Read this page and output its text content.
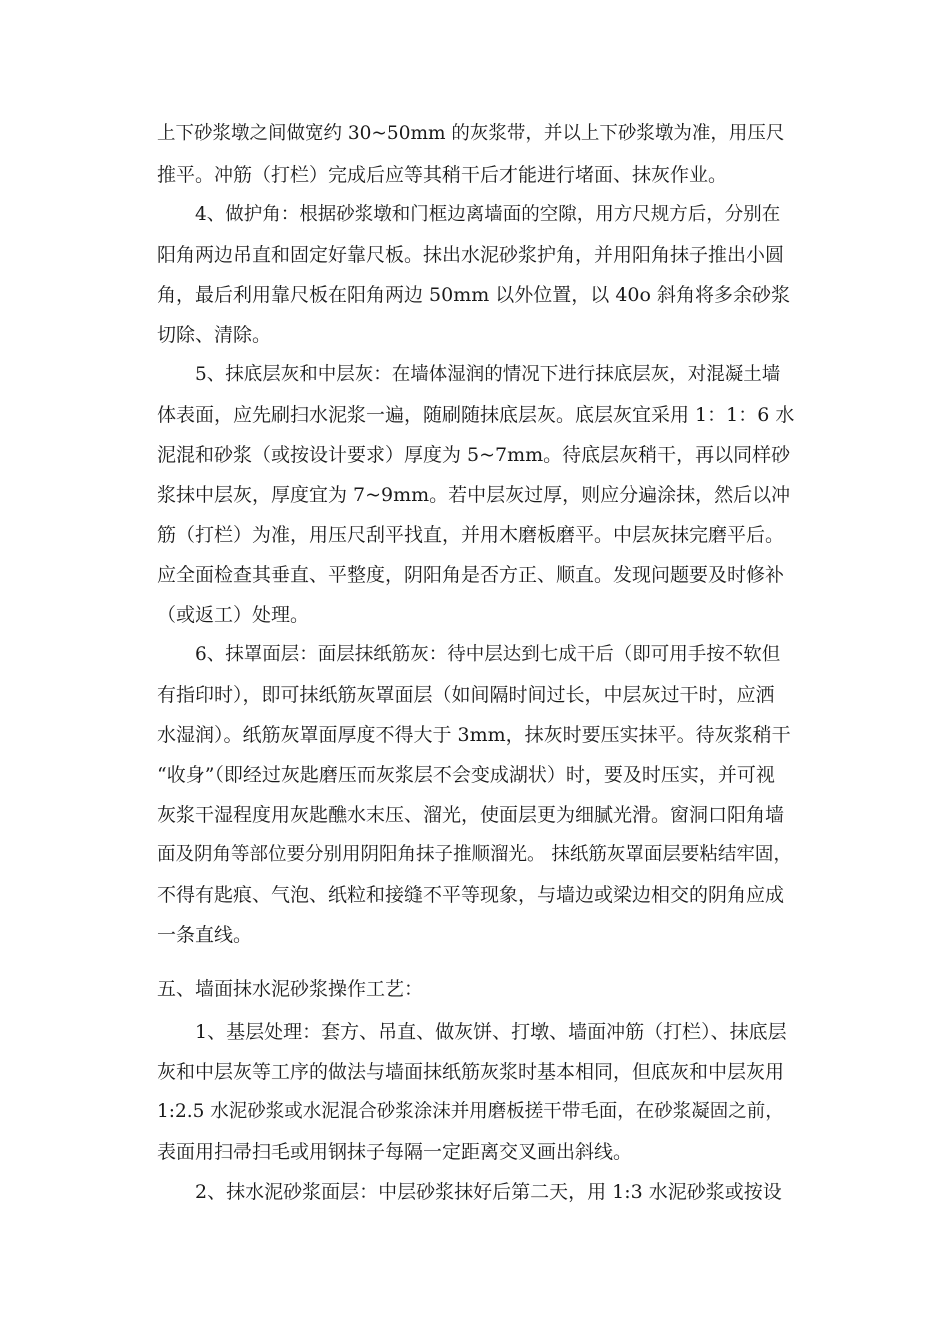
上下砂浆墩之间做宽约 30~50mm 的灰浆带，并以上下砂浆墩为准，用压尺
推平。冲筋（打栏）完成后应等其稍干后才能进行堵面、抹灰作业。
4、做护角：根据砂浆墩和门框边离墙面的空隙，用方尺规方后，分别在
阳角两边吊直和固定好靠尺板。抹出水泥砂浆护角，并用阳角抹子推出小圆
角，最后利用靠尺板在阳角两边 50mm 以外位置，以 40o 斜角将多余砂浆
切除、清除。
5、抹底层灰和中层灰：在墙体湿润的情况下进行抹底层灰，对混凝土墙
体表面，应先刷扫水泥浆一遍，随刷随抹底层灰。底层灰宜采用 1：1：6 水
泥混和砂浆（或按设计要求）厚度为 5~7mm。待底层灰稍干，再以同样砂
浆抹中层灰，厚度宜为 7~9mm。若中层灰过厚，则应分遍涂抹，然后以冲
筋（打栏）为准，用压尺刮平找直，并用木磨板磨平。中层灰抹完磨平后。
应全面检查其垂直、平整度，阴阳角是否方正、顺直。发现问题要及时修补
（或返工）处理。
6、抹罩面层：面层抹纸筋灰：待中层达到七成干后（即可用手按不软但
有指印时），即可抹纸筋灰罩面层（如间隔时间过长，中层灰过干时，应洒
水湿润）。纸筋灰罩面厚度不得大于 3mm，抹灰时要压实抹平。待灰浆稍干
“收身”（即经过灰匙磨压而灰浆层不会变成湖状）时，要及时压实，并可视
灰浆干湿程度用灰匙醮水末压、溜光，使面层更为细腻光滑。窗洞口阳角墙
面及阴角等部位要分别用阴阳角抹子推顺溜光。 抹纸筋灰罩面层要粘结牢固，
不得有匙痕、气泡、纸粒和接缝不平等现象，与墙边或梁边相交的阴角应成
一条直线。
五、墙面抹水泥砂浆操作工艺：
1、基层处理：套方、吊直、做灰饼、打墩、墙面冲筋（打栏）、抹底层
灰和中层灰等工序的做法与墙面抹纸筋灰浆时基本相同，但底灰和中层灰用
1:2.5 水泥砂浆或水泥混合砂浆涂沫并用磨板搓干带毛面，在砂浆凝固之前，
表面用扫帚扫毛或用钢抹子每隔一定距离交叉画出斜线。
2、抹水泥砂浆面层：中层砂浆抹好后第二天，用 1:3 水泥砂浆或按设
